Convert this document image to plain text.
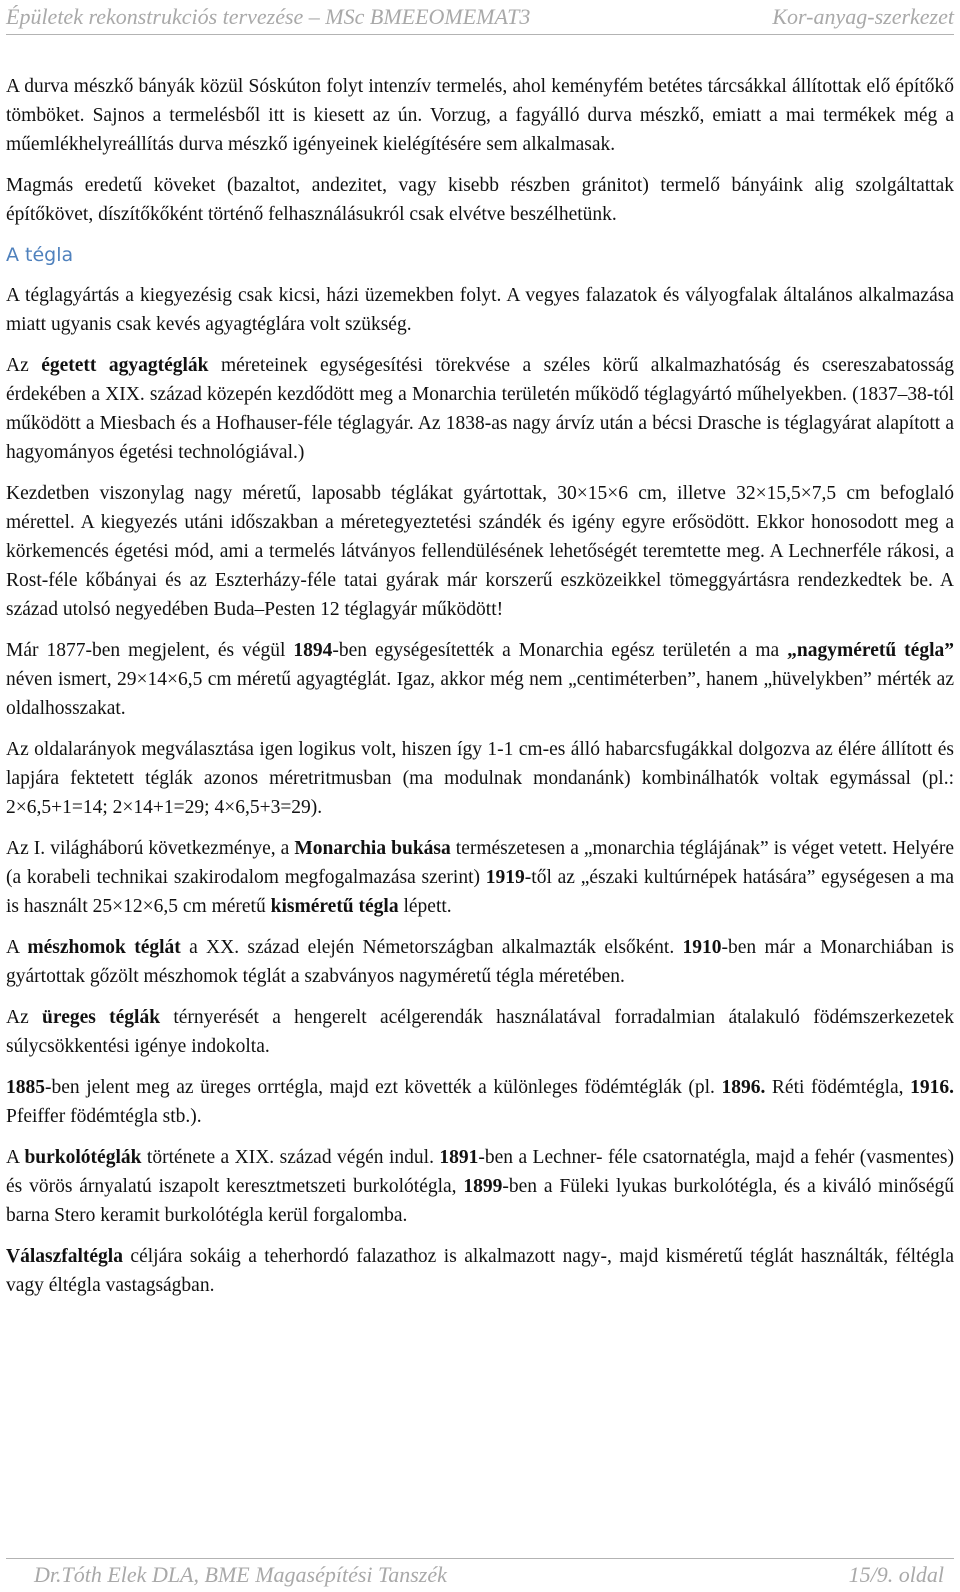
Épületek rekonstrukciós tervezése – MSc BMEEOMEMAT3	Kor-anyag-szerkezet

A durva mészkő bányák közül Sóskúton folyt intenzív termelés, ahol keményfém betétes tárcsákkal állítottak elő építőkő tömböket. Sajnos a termelésből itt is kiesett az ún. Vorzug, a fagyálló durva mészkő, emiatt a mai termékek még a műemlékhelyreállítás durva mészkő igényeinek kielégítésére sem alkalmasak.

Magmás eredetű köveket (bazaltot, andezitet, vagy kisebb részben gránitot) termelő bányáink alig szolgáltattak építőkövet, díszítőkőként történő felhasználásukról csak elvétve beszélhetünk.

A tégla

A téglagyártás a kiegyezésig csak kicsi, házi üzemekben folyt. A vegyes falazatok és vályogfalak általános alkalmazása miatt ugyanis csak kevés agyagtéglára volt szükség.

Az égetett agyagtéglák méreteinek egységesítési törekvése a széles körű alkalmazhatóság és csereszabatosság érdekében a XIX. század közepén kezdődött meg a Monarchia területén működő téglagyártó műhelyekben. (1837–38-tól működött a Miesbach és a Hofhauser-féle téglagyár. Az 1838-as nagy árvíz után a bécsi Drasche is téglagyárat alapított a hagyományos égetési technológiával.)

Kezdetben viszonylag nagy méretű, laposabb téglákat gyártottak, 30×15×6 cm, illetve 32×15,5×7,5 cm befoglaló mérettel. A kiegyezés utáni időszakban a méretegyeztetési szándék és igény egyre erősödött. Ekkor honosodott meg a körkemencés égetési mód, ami a termelés látványos fellendülésének lehetőségét teremtette meg. A Lechnerféle rákosi, a Rost-féle kőbányai és az Eszterházy-féle tatai gyárak már korszerű eszközeikkel tömeggyártásra rendezkedtek be. A század utolsó negyedében Buda–Pesten 12 téglagyár működött!

Már 1877-ben megjelent, és végül 1894-ben egységesítették a Monarchia egész területén a ma „nagyméretű tégla” néven ismert, 29×14×6,5 cm méretű agyagtéglát. Igaz, akkor még nem „centiméterben”, hanem „hüvelykben” mérték az oldalhosszakat.

Az oldalarányok megválasztása igen logikus volt, hiszen így 1-1 cm-es álló habarcsfugákkal dolgozva az élére állított és lapjára fektetett téglák azonos méretritmusban (ma modulnak mondanánk) kombinálhatók voltak egymással (pl.: 2×6,5+1=14; 2×14+1=29; 4×6,5+3=29).

Az I. világháború következménye, a Monarchia bukása természetesen a „monarchia téglájának” is véget vetett. Helyére (a korabeli technikai szakirodalom megfogalmazása szerint) 1919-től az „északi kultúrnépek hatására” egységesen a ma is használt 25×12×6,5 cm méretű kisméretű tégla lépett.

A mészhomok téglát a XX. század elején Németországban alkalmazták elsőként. 1910-ben már a Monarchiában is gyártottak gőzölt mészhomok téglát a szabványos nagyméretű tégla méretében.

Az üreges téglák térnyerését a hengerelt acélgerendák használatával forradalmian átalakuló födémszerkezetek súlycsökkentési igénye indokolta.

1885-ben jelent meg az üreges orrtégla, majd ezt követték a különleges födémtéglák (pl. 1896. Réti födémtégla, 1916. Pfeiffer födémtégla stb.).

A burkolótéglák története a XIX. század végén indul. 1891-ben a Lechner- féle csatornatégla, majd a fehér (vasmentes) és vörös árnyalatú iszapolt keresztmetszeti burkolótégla, 1899-ben a Füleki lyukas burkolótégla, és a kiváló minőségű barna Stero keramit burkolótégla kerül forgalomba.

Válaszfaltégla céljára sokáig a teherhordó falazathoz is alkalmazott nagy-, majd kisméretű téglát használták, féltégla vagy éltégla vastagságban.

Dr.Tóth Elek DLA, BME Magasépítési Tanszék	15/9. oldal
